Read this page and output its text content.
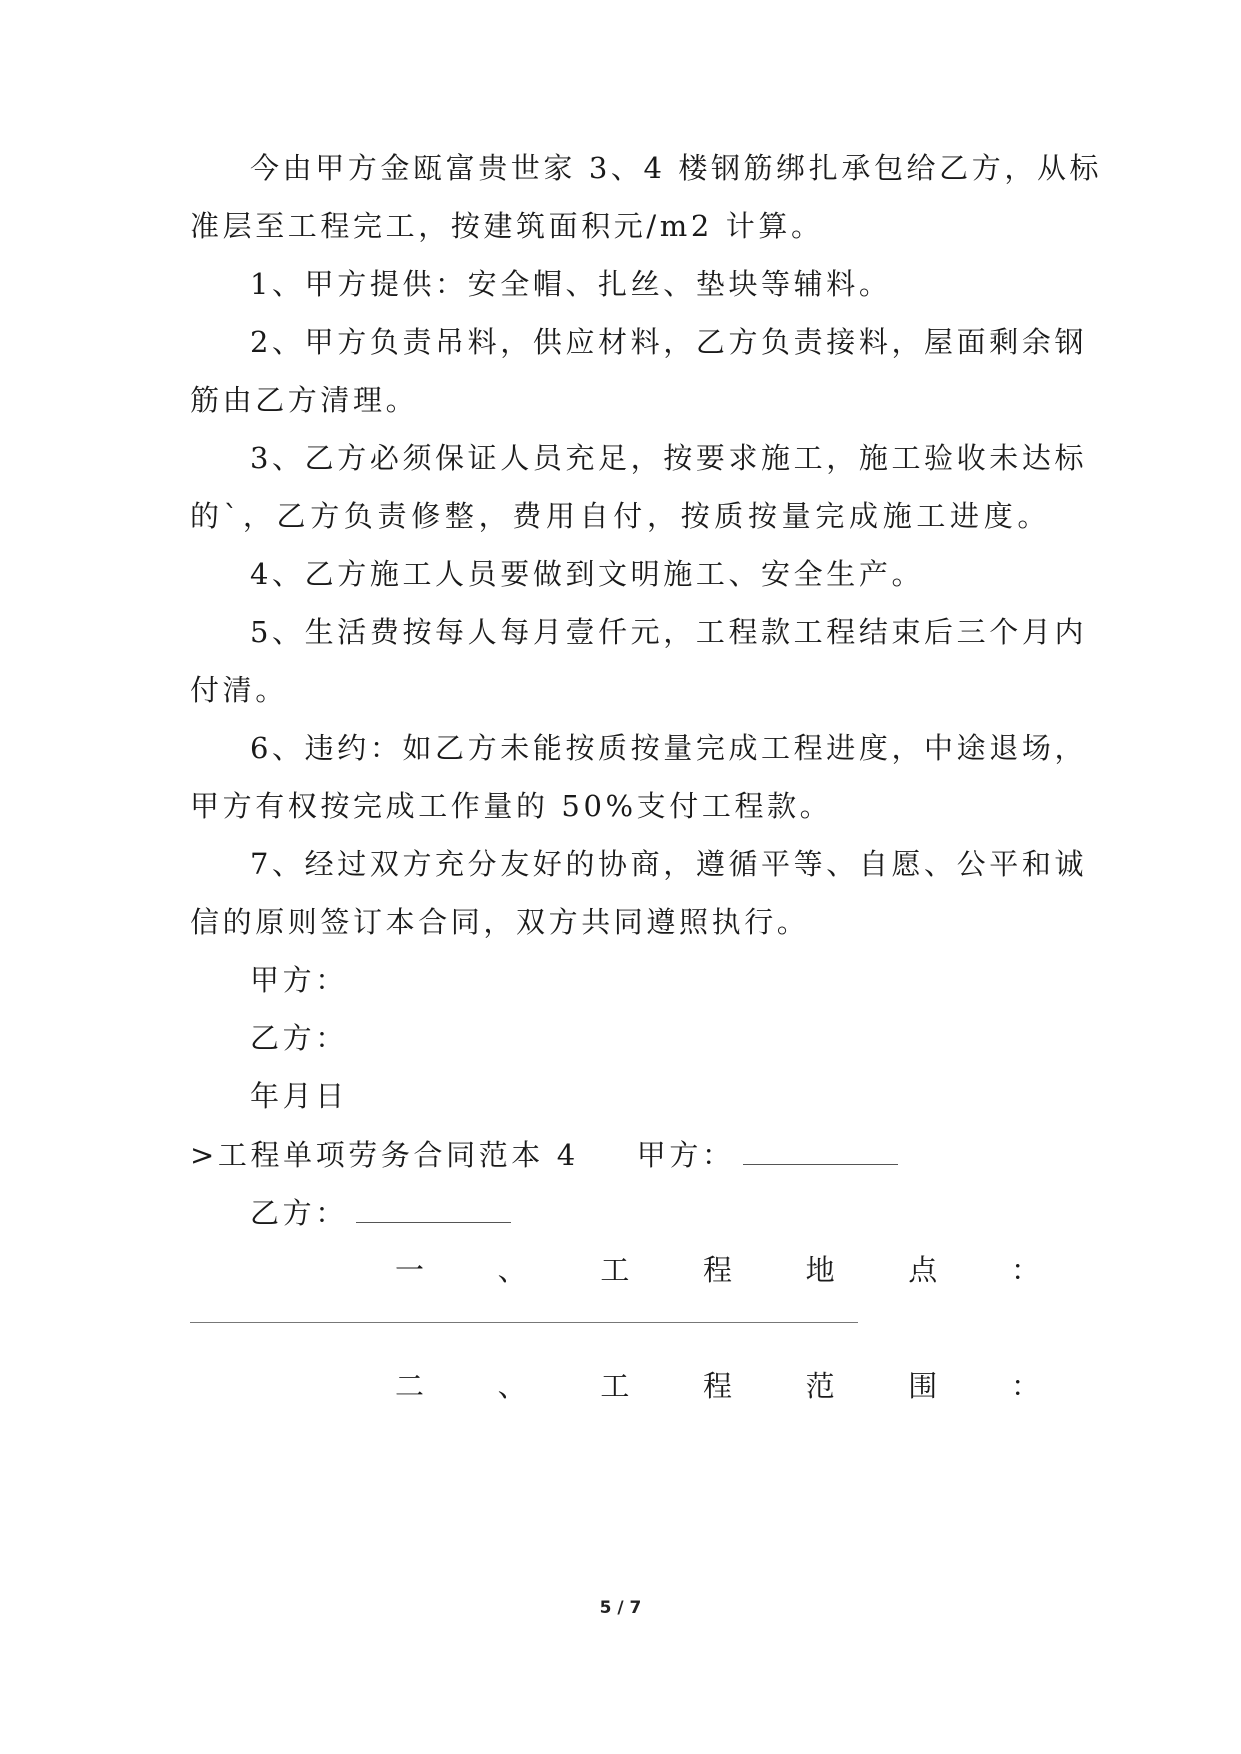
今由甲方金瓯富贵世家 3、4 楼钢筋绑扎承包给乙方，从标
准层至工程完工，按建筑面积元/m2 计算。
1、甲方提供：安全帽、扎丝、垫块等辅料。
2、甲方负责吊料，供应材料，乙方负责接料，屋面剩余钢
筋由乙方清理。
3、乙方必须保证人员充足，按要求施工，施工验收未达标
的`，乙方负责修整，费用自付，按质按量完成施工进度。
4、乙方施工人员要做到文明施工、安全生产。
5、生活费按每人每月壹仟元，工程款工程结束后三个月内
付清。
6、违约：如乙方未能按质按量完成工程进度，中途退场，
甲方有权按完成工作量的 50%支付工程款。
7、经过双方充分友好的协商，遵循平等、自愿、公平和诚
信的原则签订本合同，双方共同遵照执行。
甲方：
乙方：
年月日
>工程单项劳务合同范本 4 甲方：
乙方：
一	、	工	程	地	点	：
二	、	工	程	范	围	：
5 / 7
